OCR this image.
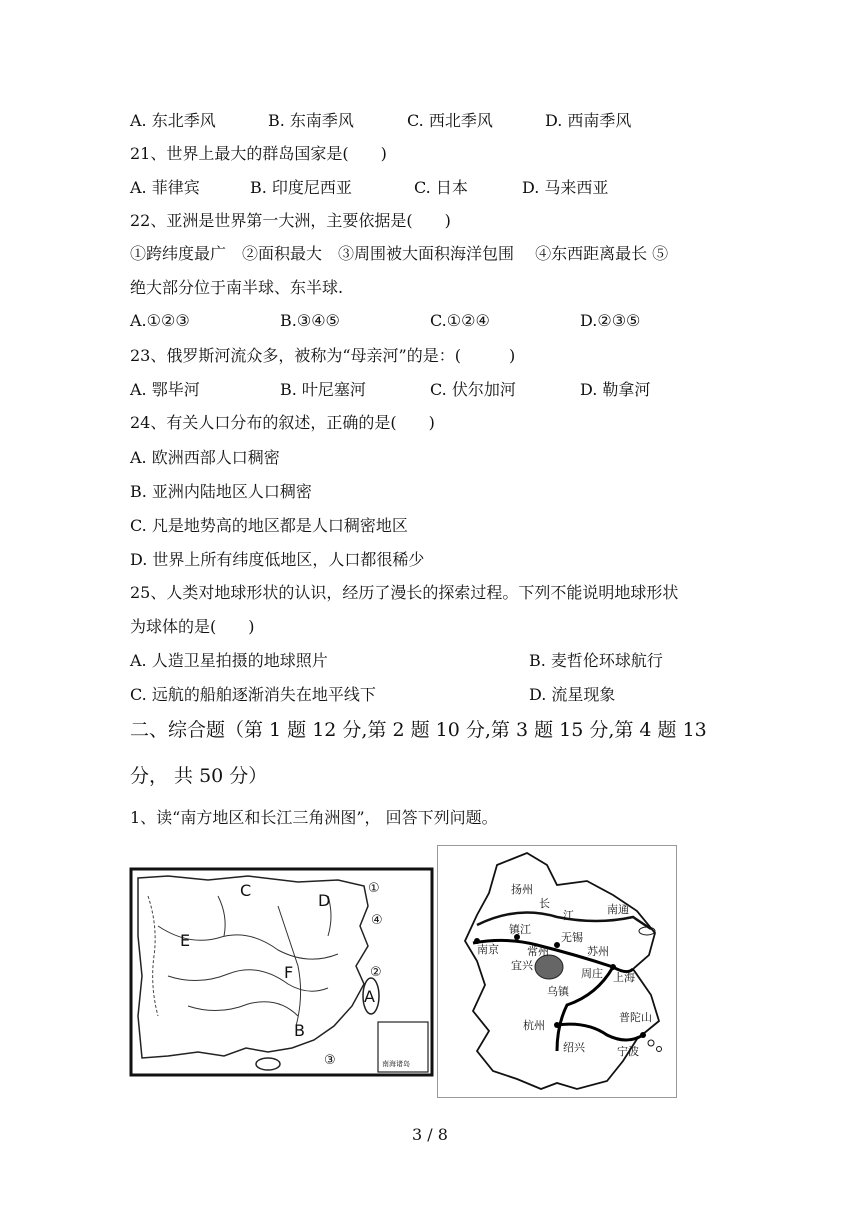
A. 东北季风	B. 东南季风	C. 西北季风	D. 西南季风
21、世界上最大的群岛国家是(　　)
A. 菲律宾	B. 印度尼西亚	C. 日本	D. 马来西亚
22、亚洲是世界第一大洲，主要依据是(　　)
①跨纬度最广　②面积最大　③周围被大面积海洋包围　 ④东西距离最长 ⑤
绝大部分位于南半球、东半球.
A.①②③	B.③④⑤	C.①②④	D.②③⑤
23、俄罗斯河流众多，被称为“母亲河”的是：(　　　)
A. 鄂毕河	B. 叶尼塞河	C. 伏尔加河	D. 勒拿河
24、有关人口分布的叙述，正确的是(　　)
A. 欧洲西部人口稠密
B. 亚洲内陆地区人口稠密
C. 凡是地势高的地区都是人口稠密地区
D. 世界上所有纬度低地区，人口都很稀少
25、人类对地球形状的认识，经历了漫长的探索过程。下列不能说明地球形状
为球体的是(　　)
A. 人造卫星拍摄的地球照片	B. 麦哲伦环球航行
C. 远航的船舶逐渐消失在地平线下	D. 流星现象
二、综合题（第 1 题 12 分,第 2 题 10 分,第 3 题 15 分,第 4 题 13
分， 共 50 分）
1、读“南方地区和长江三角洲图”， 回答下列问题。
南海诸岛
C
D
E
F
A
B
①
②
③
④
扬州
长
江	南通
南京
镇江
无锡
常州	苏州
宜兴
周庄 上海
乌镇
杭州
普陀山
绍兴	宁波
3 / 8
